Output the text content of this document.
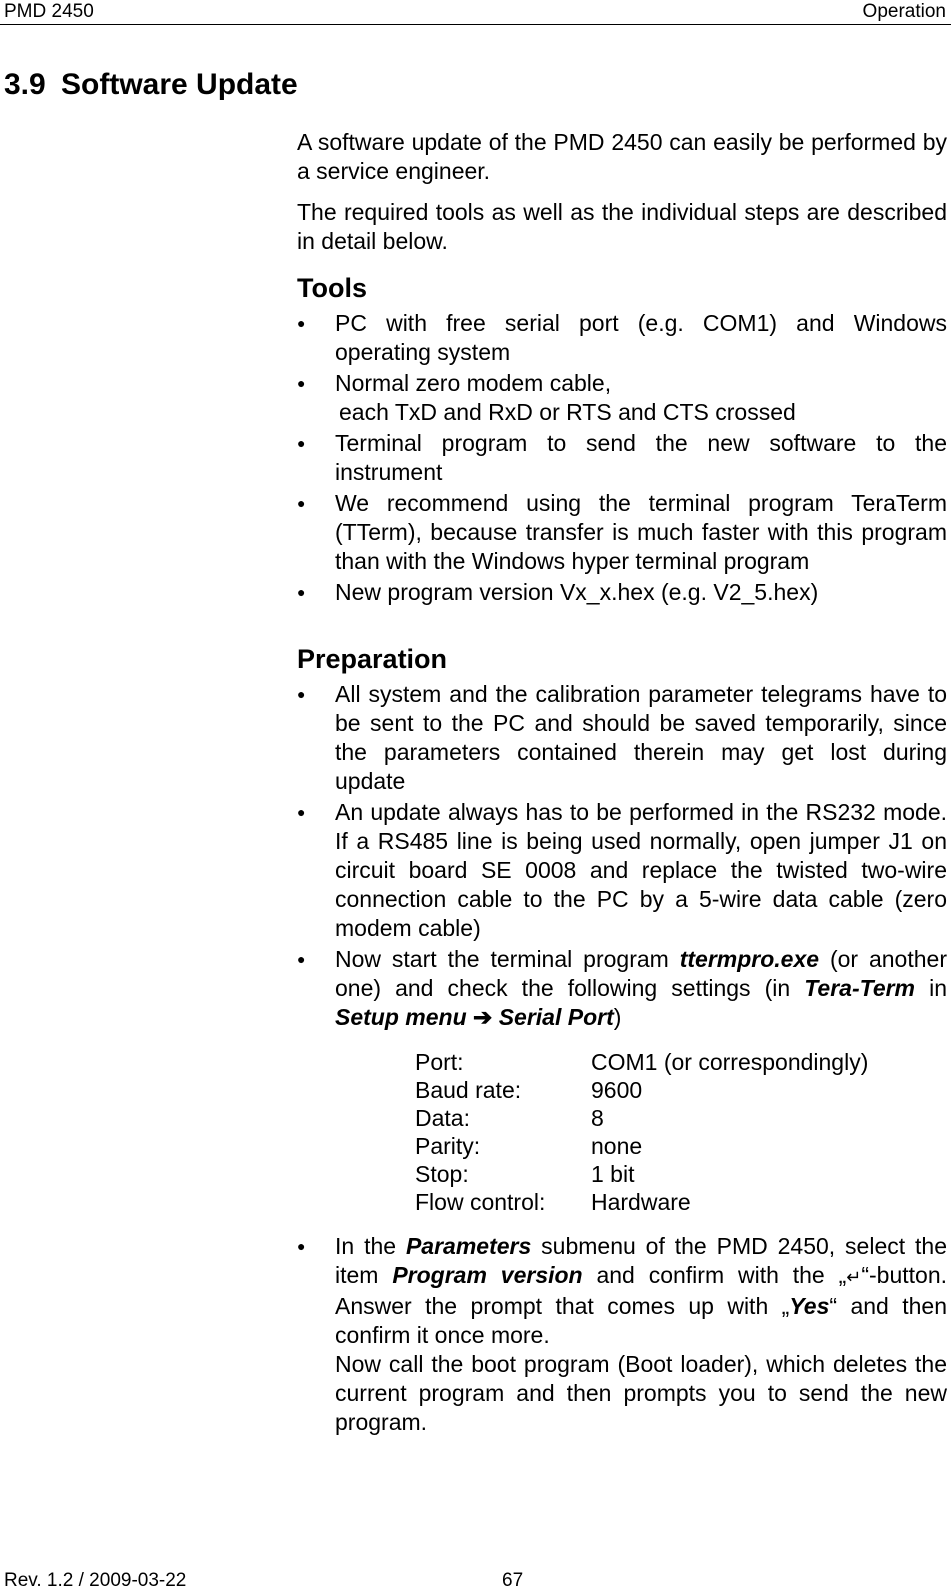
PMD 2450	Operation
3.9 Software Update

A software update of the PMD 2450 can easily be performed by a service engineer.

The required tools as well as the individual steps are described in detail below.

Tools
● PC with free serial port (e.g. COM1) and Windows operating system
● Normal zero modem cable,
each TxD and RxD or RTS and CTS crossed
● Terminal program to send the new software to the instrument
● We recommend using the terminal program TeraTerm (TTerm), because transfer is much faster with this program than with the Windows hyper terminal program
● New program version Vx_x.hex (e.g. V2_5.hex)
Preparation
● All system and the calibration parameter telegrams have to be sent to the PC and should be saved temporarily, since the parameters contained therein may get lost during update
● An update always has to be performed in the RS232 mode. If a RS485 line is being used normally, open jumper J1 on circuit board SE 0008 and replace the twisted two-wire connection cable to the PC by a 5-wire data cable (zero modem cable)
● Now start the terminal program ttermpro.exe (or another one) and check the following settings (in Tera-Term in Setup menu ➔ Serial Port)
Port:	COM1 (or correspondingly)
Baud rate:	9600
Data:	8
Parity:	none
Stop:	1 bit
Flow control:	Hardware
● In the Parameters submenu of the PMD 2450, select the item Program version and confirm with the „↵“-button. Answer the prompt that comes up with „Yes“ and then confirm it once more.
Now call the boot program (Boot loader), which deletes the current program and then prompts you to send the new program.
Rev. 1.2 / 2009-03-22	67
